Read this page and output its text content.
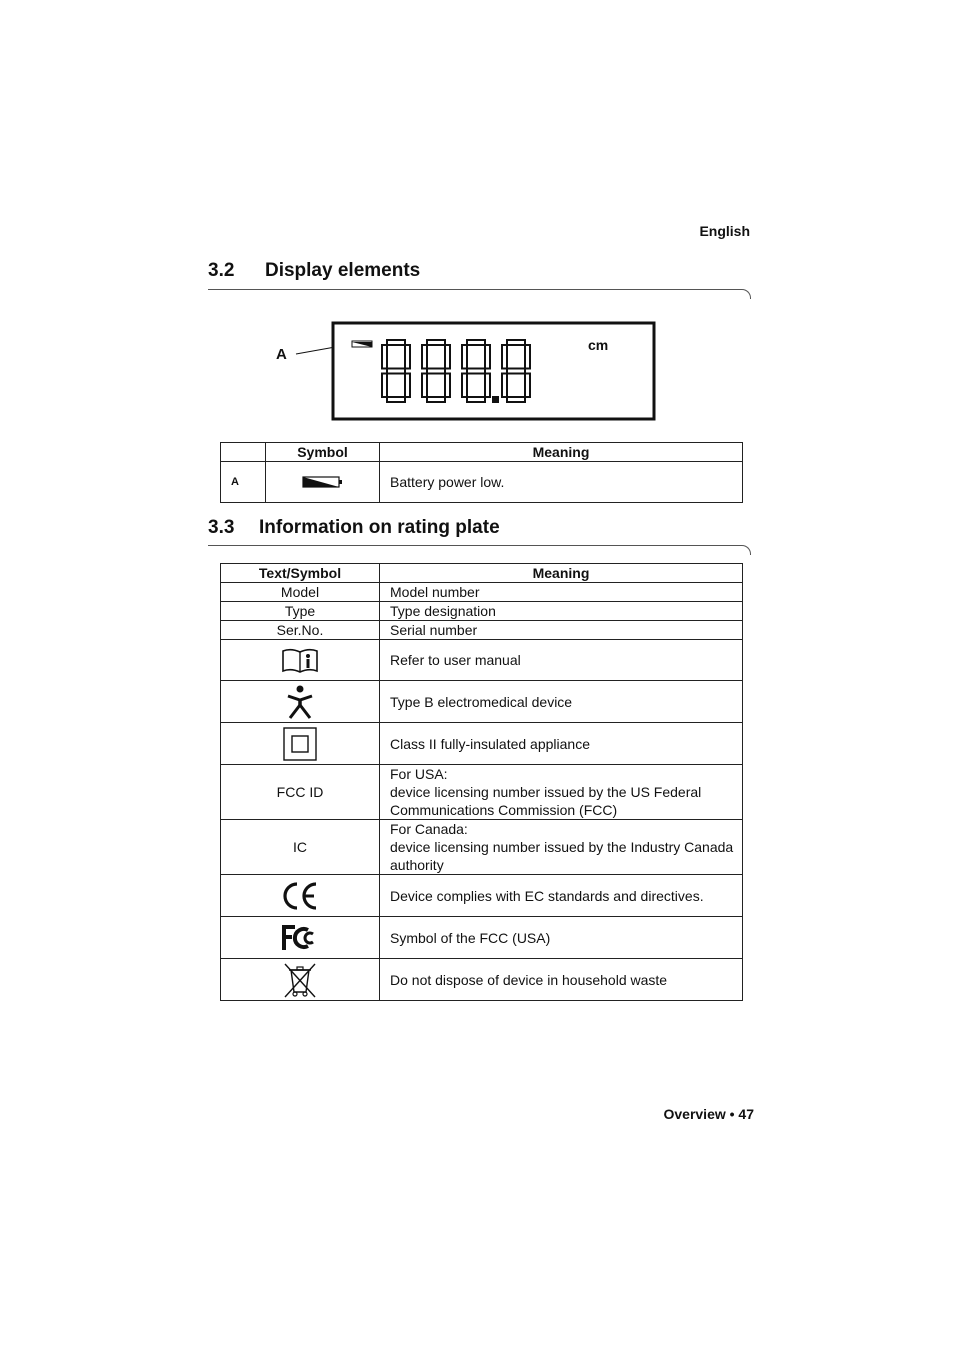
English
3.2 Display elements
A
cm
	Symbol	Meaning
A		Battery power low.
3.3 Information on rating plate
Text/Symbol	Meaning
Model	Model number
Type	Type designation
Ser.No.	Serial number

	Refer to user manual

	Type B electromedical device

	Class II fully-insulated appliance
FCC ID	For USA:
device licensing number issued by the US Federal
Communications Commission (FCC)

IC	For Canada:
device licensing number issued by the Industry Canada
authority

	Device complies with EC standards and directives.

	Symbol of the FCC (USA)

	Do not dispose of device in household waste
Overview • 47
